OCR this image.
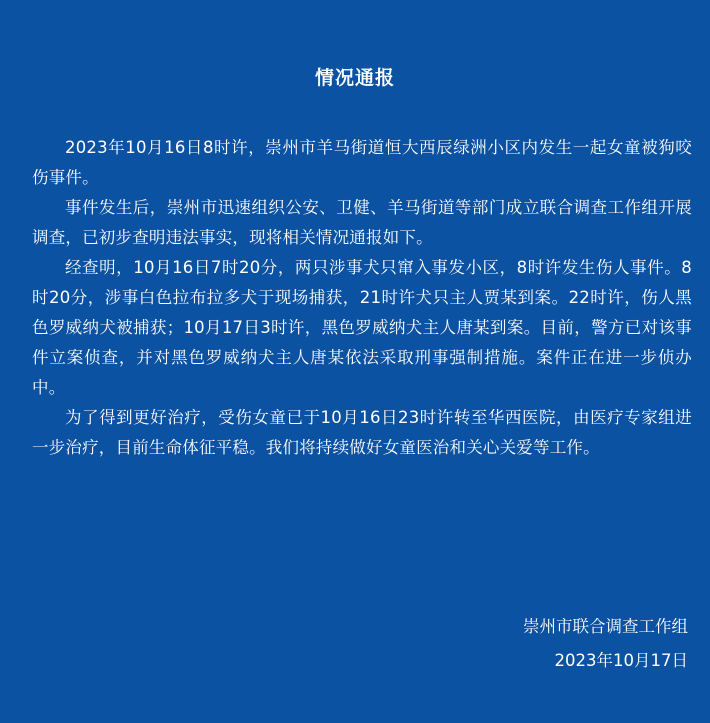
情况通报

2023年10月16日8时许，崇州市羊马街道恒大西辰绿洲小区内发生一起女童被狗咬伤事件。

事件发生后，崇州市迅速组织公安、卫健、羊马街道等部门成立联合调查工作组开展调查，已初步查明违法事实，现将相关情况通报如下。

经查明，10月16日7时20分，两只涉事犬只窜入事发小区，8时许发生伤人事件。8时20分，涉事白色拉布拉多犬于现场捕获，21时许犬只主人贾某到案。22时许，伤人黑色罗威纳犬被捕获；10月17日3时许，黑色罗威纳犬主人唐某到案。目前，警方已对该事件立案侦查，并对黑色罗威纳犬主人唐某依法采取刑事强制措施。案件正在进一步侦办中。

为了得到更好治疗，受伤女童已于10月16日23时许转至华西医院，由医疗专家组进一步治疗，目前生命体征平稳。我们将持续做好女童医治和关心关爱等工作。

崇州市联合调查工作组
2023年10月17日
